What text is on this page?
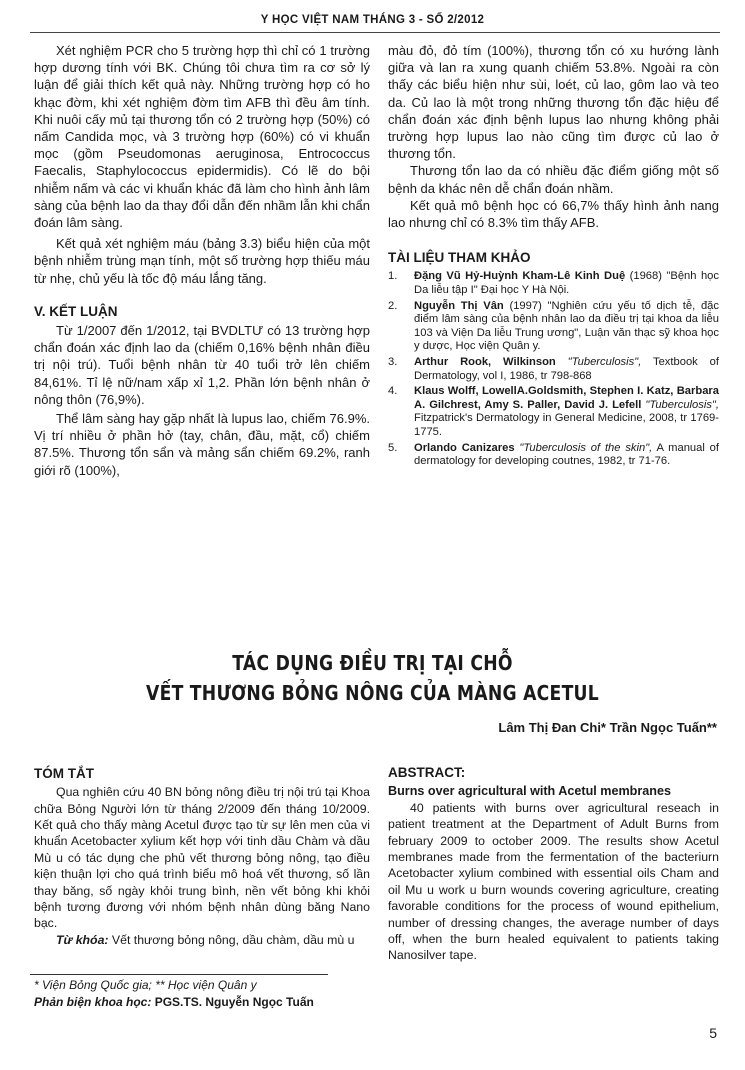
Y HỌC VIỆT NAM THÁNG 3 - SỐ 2/2012

Xét nghiệm PCR cho 5 trường hợp thì chỉ có 1 trường hợp dương tính với BK. Chúng tôi chưa tìm ra cơ sở lý luận để giải thích kết quả này. Những trường hợp có ho khạc đờm, khi xét nghiệm đờm tìm AFB thì đều âm tính. Khi nuôi cấy mủ tại thương tổn có 2 trường hợp (50%) có nấm Candida mọc, và 3 trường hợp (60%) có vi khuẩn mọc (gồm Pseudomonas aeruginosa, Entrococcus Faecalis, Staphylococcus epidermidis). Có lẽ do bội nhiễm nấm và các vi khuẩn khác đã làm cho hình ảnh lâm sàng của bệnh lao da thay đổi dẫn đến nhầm lẫn khi chẩn đoán lâm sàng.

Kết quả xét nghiệm máu (bảng 3.3) biểu hiện của một bệnh nhiễm trùng mạn tính, một số trường hợp thiếu máu từ nhẹ, chủ yếu là tốc độ máu lắng tăng.

V. KẾT LUẬN

Từ 1/2007 đến 1/2012, tại BVDLTƯ có 13 trường hợp chẩn đoán xác định lao da (chiếm 0,16% bệnh nhân điều trị nội trú). Tuổi bệnh nhân từ 40 tuổi trở lên chiếm 84,61%. Tỉ lệ nữ/nam xấp xỉ 1,2. Phần lớn bệnh nhân ở nông thôn (76,9%).

Thể lâm sàng hay gặp nhất là lupus lao, chiếm 76.9%. Vị trí nhiều ở phần hở (tay, chân, đầu, mặt, cổ) chiếm 87.5%. Thương tổn sẩn và mảng sẩn chiếm 69.2%, ranh giới rõ (100%),

màu đỏ, đỏ tím (100%), thương tổn có xu hướng lành giữa và lan ra xung quanh chiếm 53.8%. Ngoài ra còn thấy các biểu hiện như sùi, loét, củ lao, gôm lao và teo da. Củ lao là một trong những thương tổn đặc hiệu để chẩn đoán xác định bệnh lupus lao nhưng không phải trường hợp lupus lao nào cũng tìm được củ lao ở thương tổn.

Thương tổn lao da có nhiều đặc điểm giống một số bệnh da khác nên dễ chẩn đoán nhầm.

Kết quả mô bệnh học có 66,7% thấy hình ảnh nang lao nhưng chỉ có 8.3% tìm thấy AFB.

TÀI LIỆU THAM KHẢO
1.	Đặng Vũ Hỷ-Huỳnh Kham-Lê Kinh Duệ (1968) "Bệnh học Da liễu tập I" Đại học Y Hà Nội.
2.	Nguyễn Thị Vân (1997) "Nghiên cứu yếu tố dịch tễ, đặc điểm lâm sàng của bệnh nhân lao da điều trị tại khoa da liễu 103 và Viện Da liễu Trung ương", Luận văn thạc sỹ khoa học y dược, Học viện Quân y.
3.	Arthur Rook, Wilkinson "Tuberculosis", Textbook of Dermatology, vol I, 1986, tr 798-868
4.	Klaus Wolff, LowellA.Goldsmith, Stephen I. Katz, Barbara A. Gilchrest, Amy S. Paller, David J. Lefell "Tuberculosis", Fitzpatrick's Dermatology in General Medicine, 2008, tr 1769-1775.
5.	Orlando Canizares "Tuberculosis of the skin", A manual of dermatology for developing coutnes, 1982, tr 71-76.
TÁC DỤNG ĐIỀU TRỊ TẠI CHỖ
VẾT THƯƠNG BỎNG NÔNG CỦA MÀNG ACETUL
Lâm Thị Đan Chi* Trần Ngọc Tuấn**
TÓM TẮT

Qua nghiên cứu 40 BN bỏng nông điều trị nội trú tại Khoa chữa Bỏng Người lớn từ tháng 2/2009 đến tháng 10/2009. Kết quả cho thấy màng Acetul được tạo từ sự lên men của vi khuẩn Acetobacter xylium kết hợp với tinh dầu Chàm và dầu Mù u có tác dụng che phủ vết thương bỏng nông, tạo điều kiện thuận lợi cho quá trình biểu mô hoá vết thương, số lần thay băng, số ngày khỏi trung bình, nền vết bỏng khi khỏi bệnh tương đương với nhóm bệnh nhân dùng băng Nano bạc.

Từ khóa: Vết thương bỏng nông, dầu chàm, dầu mù u

ABSTRACT:

Burns over agricultural with Acetul membranes

40 patients with burns over agricultural reseach in patient treatment at the Department of Adult Burns from february 2009 to october 2009. The results show Acetul membranes made from the fermentation of the bacteriurn Acetobacter xylium combined with essential oils Cham and oil Mu u work u burn wounds covering agriculture, creating favorable conditions for the process of wound epithelium, number of dressing changes, the average number of days off, when the burn healed equivalent to patients taking Nanosilver tape.

* Viện Bỏng Quốc gia; ** Học viện Quân y
Phản biện khoa học: PGS.TS. Nguyễn Ngọc Tuấn
5
